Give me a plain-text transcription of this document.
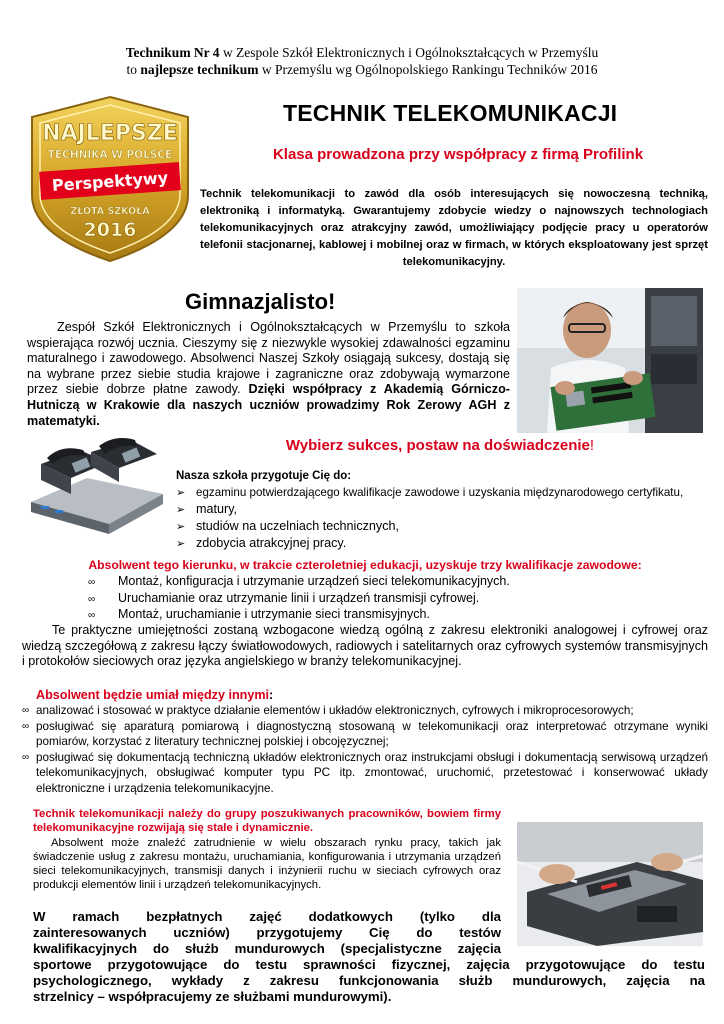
Technikum Nr 4 w Zespole Szkół Elektronicznych i Ogólnokształcących w Przemyślu
to najlepsze technikum w Przemyślu wg Ogólnopolskiego Rankingu Techników 2016
NAJLEPSZE
TECHNIKA W POLSCE
Perspektywy
ZŁOTA SZKOŁA
2016
TECHNIK TELEKOMUNIKACJI
Klasa prowadzona przy współpracy z firmą Profilink
Technik telekomunikacji to zawód dla osób interesujących się nowoczesną techniką, elektroniką i informatyką. Gwarantujemy zdobycie wiedzy o najnowszych technologiach telekomunikacyjnych oraz atrakcyjny zawód, umożliwiający podjęcie pracy u operatorów telefonii stacjonarnej, kablowej i mobilnej oraz w firmach, w których eksploatowany jest sprzęt telekomunikacyjny.
Gimnazjalisto!
Zespół Szkół Elektronicznych i Ogólnokształcących w Przemyślu to szkoła wspierająca rozwój ucznia. Cieszymy się z niezwykle wysokiej zdawalności egzaminu maturalnego i zawodowego. Absolwenci Naszej Szkoły osiągają sukcesy, dostają się na wybrane przez siebie studia krajowe i zagraniczne oraz zdobywają wymarzone przez siebie dobrze płatne zawody. Dzięki współpracy z Akademią Górniczo-Hutniczą w Krakowie dla naszych uczniów prowadzimy Rok Zerowy AGH z matematyki.
Wybierz sukces, postaw na doświadczenie!
Nasza szkoła przygotuje Cię do:
➢ egzaminu potwierdzającego kwalifikacje zawodowe i uzyskania międzynarodowego certyfikatu,
➢ matury,
➢ studiów na uczelniach technicznych,
➢ zdobycia atrakcyjnej pracy.
Absolwent tego kierunku, w trakcie czteroletniej edukacji, uzyskuje trzy kwalifikacje zawodowe:
∞ Montaż, konfiguracja i utrzymanie urządzeń sieci telekomunikacyjnych.
∞ Uruchamianie oraz utrzymanie linii i urządzeń transmisji cyfrowej.
∞ Montaż, uruchamianie i utrzymanie sieci transmisyjnych.
Te praktyczne umiejętności zostaną wzbogacone wiedzą ogólną z zakresu elektroniki analogowej i cyfrowej oraz wiedzą szczegółową z zakresu łączy światłowodowych, radiowych i satelitarnych oraz cyfrowych systemów transmisyjnych i protokołów sieciowych oraz języka angielskiego w branży telekomunikacyjnej.
Absolwent będzie umiał między innymi:
∞ analizować i stosować w praktyce działanie elementów i układów elektronicznych, cyfrowych i mikroprocesorowych;
∞ posługiwać się aparaturą pomiarową i diagnostyczną stosowaną w telekomunikacji oraz interpretować otrzymane wyniki pomiarów, korzystać z literatury technicznej polskiej i obcojęzycznej;
∞ posługiwać się dokumentacją techniczną układów elektronicznych oraz instrukcjami obsługi i dokumentacją serwisową urządzeń telekomunikacyjnych, obsługiwać komputer typu PC itp. zmontować, uruchomić, przetestować i konserwować układy elektroniczne i urządzenia telekomunikacyjne.
Technik telekomunikacji należy do grupy poszukiwanych pracowników, bowiem firmy telekomunikacyjne rozwijają się stale i dynamicznie.
Absolwent może znaleźć zatrudnienie w wielu obszarach rynku pracy, takich jak świadczenie usług z zakresu montażu, uruchamiania, konfigurowania i utrzymania urządzeń sieci telekomunikacyjnych, transmisji danych i inżynierii ruchu w sieciach cyfrowych oraz produkcji elementów linii i urządzeń telekomunikacyjnych.
W ramach bezpłatnych zajęć dodatkowych (tylko dla
zainteresowanych uczniów) przygotujemy Cię do testów
kwalifikacyjnych do służb mundurowych (specjalistyczne zajęcia
sportowe przygotowujące do testu sprawności fizycznej, zajęcia przygotowujące do testu
psychologicznego, wykłady z zakresu funkcjonowania służb mundurowych, zajęcia na
strzelnicy – współpracujemy ze służbami mundurowymi).
